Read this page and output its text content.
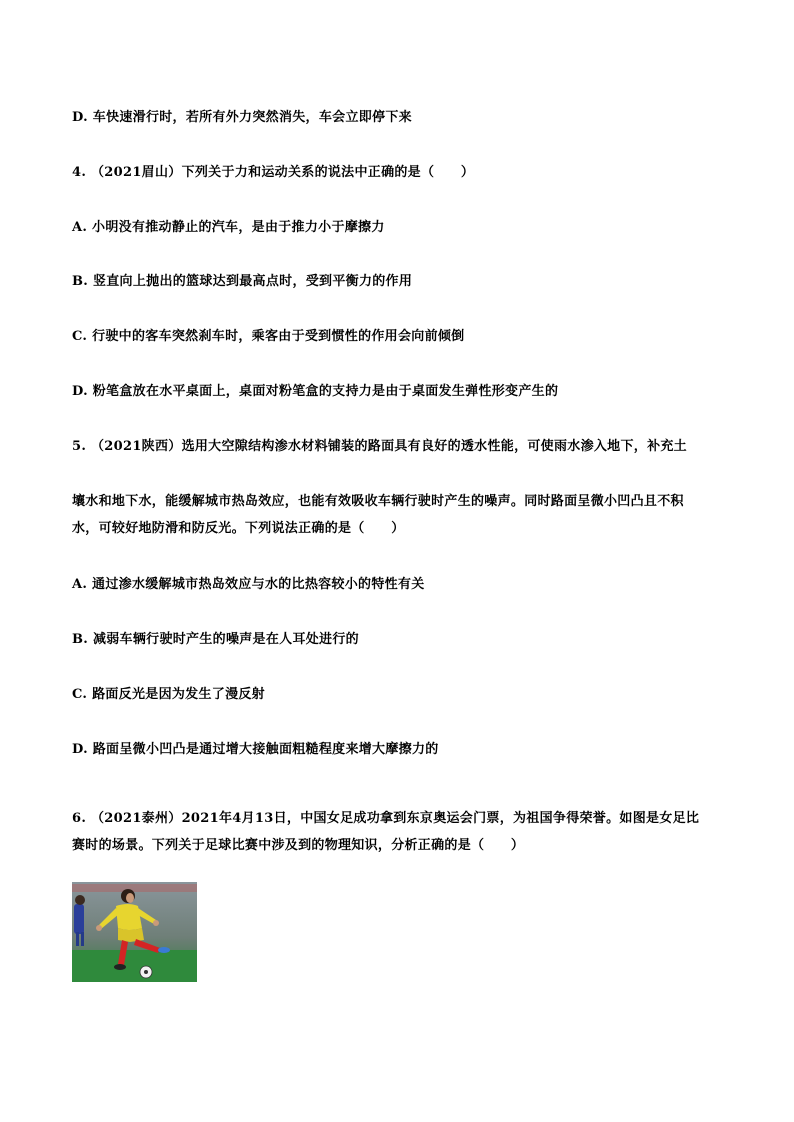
D. 车快速滑行时，若所有外力突然消失，车会立即停下来
4. （2021眉山）下列关于力和运动关系的说法中正确的是（　　）
A. 小明没有推动静止的汽车，是由于推力小于摩擦力
B. 竖直向上抛出的篮球达到最高点时，受到平衡力的作用
C. 行驶中的客车突然刹车时，乘客由于受到惯性的作用会向前倾倒
D. 粉笔盒放在水平桌面上，桌面对粉笔盒的支持力是由于桌面发生弹性形变产生的
5. （2021陕西）选用大空隙结构渗水材料铺装的路面具有良好的透水性能，可使雨水渗入地下，补充土
壤水和地下水，能缓解城市热岛效应，也能有效吸收车辆行驶时产生的噪声。同时路面呈微小凹凸且不积
水，可较好地防滑和防反光。下列说法正确的是（　　）
A. 通过渗水缓解城市热岛效应与水的比热容较小的特性有关
B. 减弱车辆行驶时产生的噪声是在人耳处进行的
C. 路面反光是因为发生了漫反射
D. 路面呈微小凹凸是通过增大接触面粗糙程度来增大摩擦力的
6. （2021泰州）2021年4月13日，中国女足成功拿到东京奥运会门票，为祖国争得荣誉。如图是女足比
赛时的场景。下列关于足球比赛中涉及到的物理知识，分析正确的是（　　）
